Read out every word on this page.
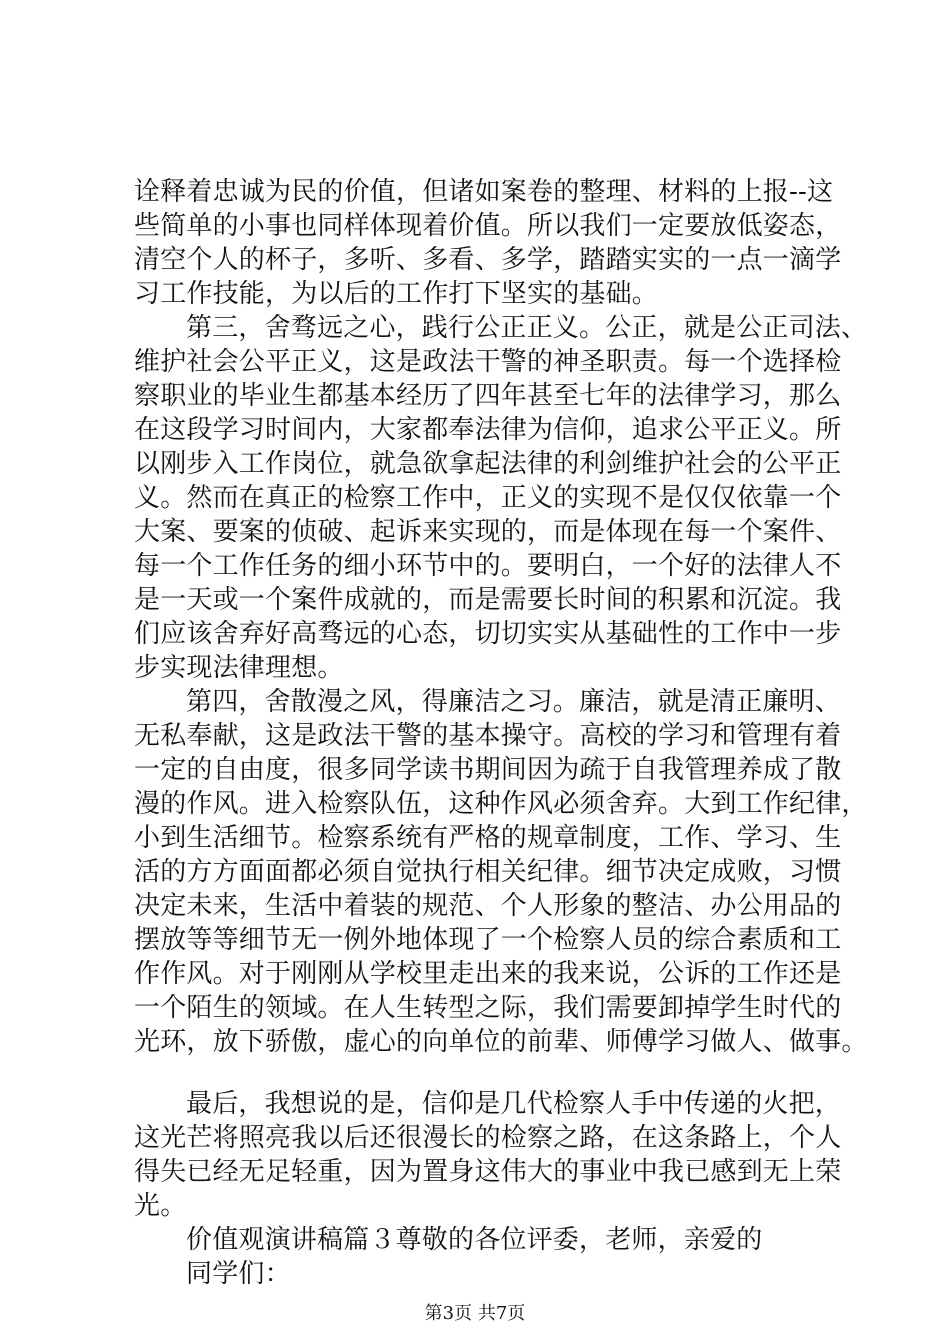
诠释着忠诚为民的价值，但诸如案卷的整理、材料的上报--这
些简单的小事也同样体现着价值。所以我们一定要放低姿态，
清空个人的杯子，多听、多看、多学，踏踏实实的一点一滴学
习工作技能，为以后的工作打下坚实的基础。
第三，舍骛远之心，践行公正正义。公正，就是公正司法、
维护社会公平正义，这是政法干警的神圣职责。每一个选择检
察职业的毕业生都基本经历了四年甚至七年的法律学习，那么
在这段学习时间内，大家都奉法律为信仰，追求公平正义。所
以刚步入工作岗位，就急欲拿起法律的利剑维护社会的公平正
义。然而在真正的检察工作中，正义的实现不是仅仅依靠一个
大案、要案的侦破、起诉来实现的，而是体现在每一个案件、
每一个工作任务的细小环节中的。要明白，一个好的法律人不
是一天或一个案件成就的，而是需要长时间的积累和沉淀。我
们应该舍弃好高骛远的心态，切切实实从基础性的工作中一步
步实现法律理想。
第四，舍散漫之风，得廉洁之习。廉洁，就是清正廉明、
无私奉献，这是政法干警的基本操守。高校的学习和管理有着
一定的自由度，很多同学读书期间因为疏于自我管理养成了散
漫的作风。进入检察队伍，这种作风必须舍弃。大到工作纪律，
小到生活细节。检察系统有严格的规章制度，工作、学习、生
活的方方面面都必须自觉执行相关纪律。细节决定成败，习惯
决定未来，生活中着装的规范、个人形象的整洁、办公用品的
摆放等等细节无一例外地体现了一个检察人员的综合素质和工
作作风。对于刚刚从学校里走出来的我来说，公诉的工作还是
一个陌生的领域。在人生转型之际，我们需要卸掉学生时代的
光环，放下骄傲，虚心的向单位的前辈、师傅学习做人、做事。
最后，我想说的是，信仰是几代检察人手中传递的火把，
这光芒将照亮我以后还很漫长的检察之路，在这条路上，个人
得失已经无足轻重，因为置身这伟大的事业中我已感到无上荣
光。
价值观演讲稿篇３尊敬的各位评委，老师，亲爱的
同学们：
第3页 共7页
